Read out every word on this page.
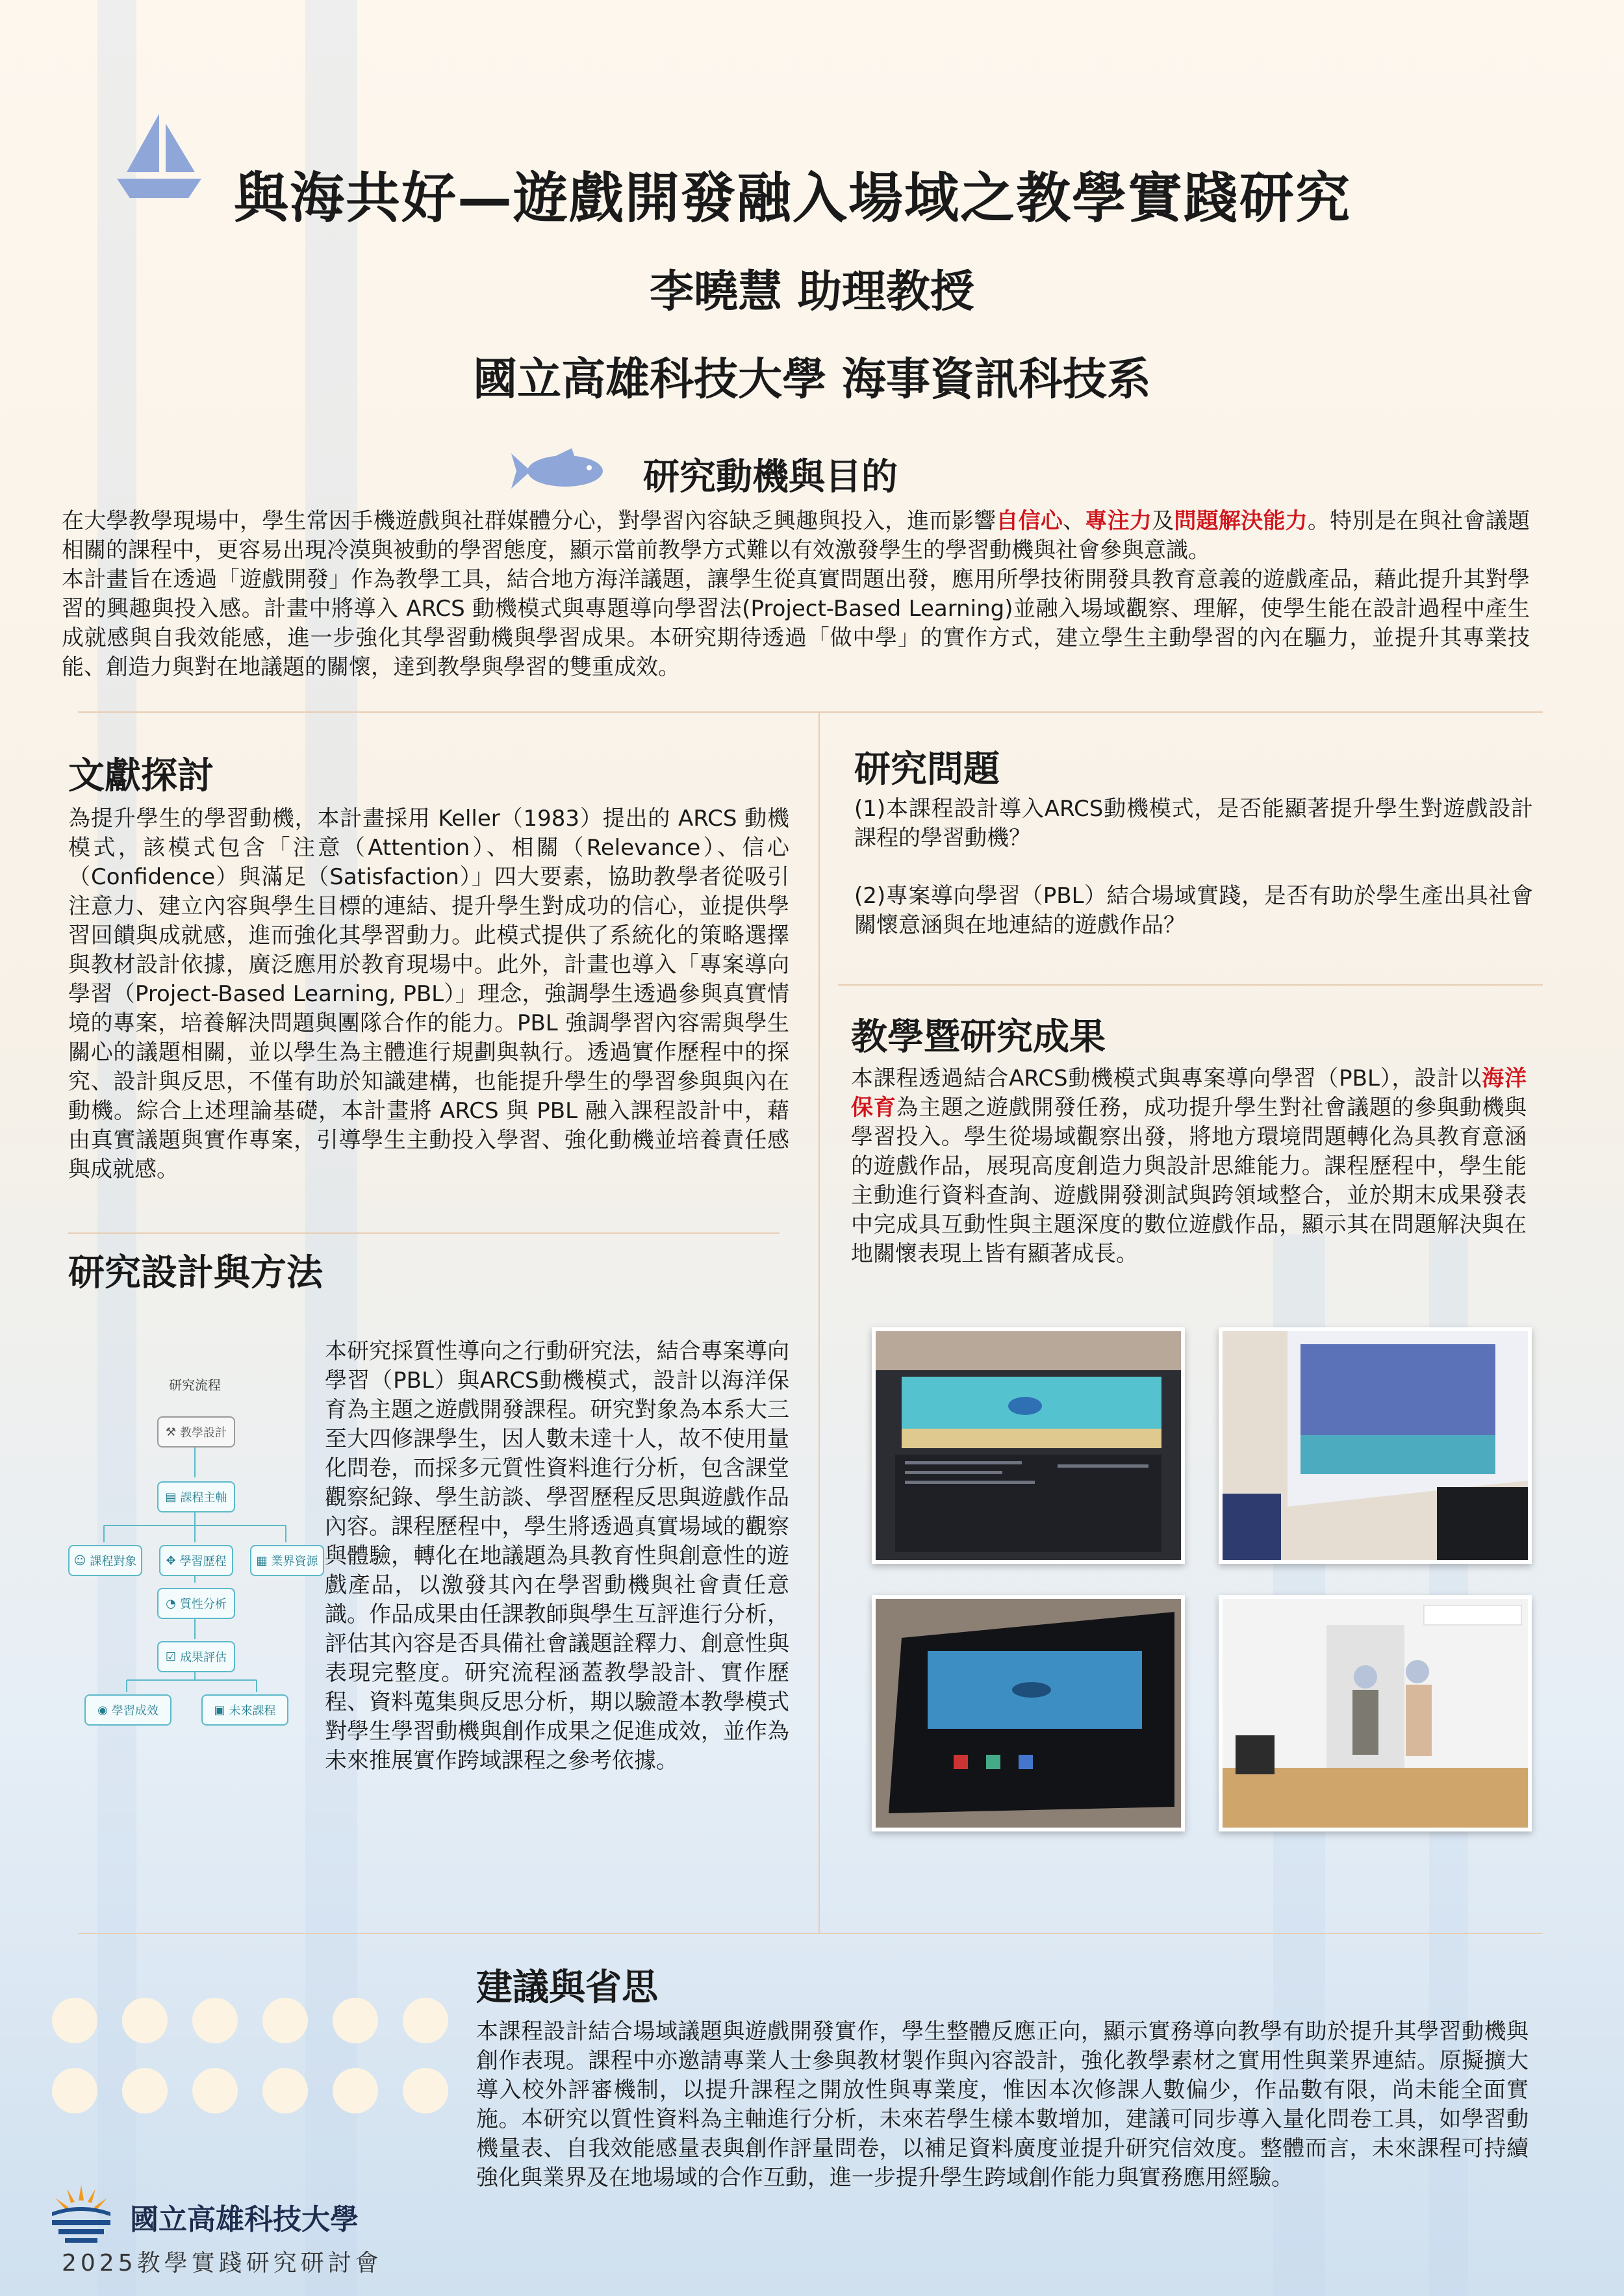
與海共好—遊戲開發融入場域之教學實踐研究
李曉慧 助理教授
國立高雄科技大學 海事資訊科技系
研究動機與目的
在大學教學現場中，學生常因手機遊戲與社群媒體分心，對學習內容缺乏興趣與投入，進而影響自信心、專注力及問題解決能力。特別是在與社會議題相關的課程中，更容易出現冷漠與被動的學習態度，顯示當前教學方式難以有效激發學生的學習動機與社會參與意識。
本計畫旨在透過「遊戲開發」作為教學工具，結合地方海洋議題，讓學生從真實問題出發，應用所學技術開發具教育意義的遊戲產品，藉此提升其對學習的興趣與投入感。計畫中將導入 ARCS 動機模式與專題導向學習法(Project-Based Learning)並融入場域觀察、理解，使學生能在設計過程中產生成就感與自我效能感，進一步強化其學習動機與學習成果。本研究期待透過「做中學」的實作方式，建立學生主動學習的內在驅力，並提升其專業技能、創造力與對在地議題的關懷，達到教學與學習的雙重成效。
文獻探討
為提升學生的學習動機，本計畫採用 Keller（1983）提出的 ARCS 動機模式，該模式包含「注意（Attention）、相關（Relevance）、信心（Confidence）與滿足（Satisfaction）」四大要素，協助教學者從吸引注意力、建立內容與學生目標的連結、提升學生對成功的信心，並提供學習回饋與成就感，進而強化其學習動力。此模式提供了系統化的策略選擇與教材設計依據，廣泛應用於教育現場中。此外，計畫也導入「專案導向學習（Project-Based Learning, PBL）」理念，強調學生透過參與真實情境的專案，培養解決問題與團隊合作的能力。PBL 強調學習內容需與學生關心的議題相關，並以學生為主體進行規劃與執行。透過實作歷程中的探究、設計與反思，不僅有助於知識建構，也能提升學生的學習參與與內在動機。綜合上述理論基礎，本計畫將 ARCS 與 PBL 融入課程設計中，藉由真實議題與實作專案，引導學生主動投入學習、強化動機並培養責任感與成就感。
研究設計與方法
研究流程
⚒ 教學設計
▤ 課程主軸
☺ 課程對象	✥ 學習歷程	▦ 業界資源
◔ 質性分析
☑ 成果評估
◉ 學習成效	▣ 未來課程
本研究採質性導向之行動研究法，結合專案導向學習（PBL）與ARCS動機模式，設計以海洋保育為主題之遊戲開發課程。研究對象為本系大三至大四修課學生，因人數未達十人，故不使用量化問卷，而採多元質性資料進行分析，包含課堂觀察紀錄、學生訪談、學習歷程反思與遊戲作品內容。課程歷程中，學生將透過真實場域的觀察與體驗，轉化在地議題為具教育性與創意性的遊戲產品，以激發其內在學習動機與社會責任意識。作品成果由任課教師與學生互評進行分析，評估其內容是否具備社會議題詮釋力、創意性與表現完整度。研究流程涵蓋教學設計、實作歷程、資料蒐集與反思分析，期以驗證本教學模式對學生學習動機與創作成果之促進成效，並作為未來推展實作跨域課程之參考依據。
研究問題
(1)本課程設計導入ARCS動機模式，是否能顯著提升學生對遊戲設計課程的學習動機？
(2)專案導向學習（PBL）結合場域實踐，是否有助於學生產出具社會關懷意涵與在地連結的遊戲作品？
教學暨研究成果
本課程透過結合ARCS動機模式與專案導向學習（PBL），設計以海洋保育為主題之遊戲開發任務，成功提升學生對社會議題的參與動機與學習投入。學生從場域觀察出發，將地方環境問題轉化為具教育意涵的遊戲作品，展現高度創造力與設計思維能力。課程歷程中，學生能主動進行資料查詢、遊戲開發測試與跨領域整合，並於期末成果發表中完成具互動性與主題深度的數位遊戲作品，顯示其在問題解決與在地關懷表現上皆有顯著成長。
建議與省思
本課程設計結合場域議題與遊戲開發實作，學生整體反應正向，顯示實務導向教學有助於提升其學習動機與創作表現。課程中亦邀請專業人士參與教材製作與內容設計，強化教學素材之實用性與業界連結。原擬擴大導入校外評審機制，以提升課程之開放性與專業度，惟因本次修課人數偏少，作品數有限，尚未能全面實施。本研究以質性資料為主軸進行分析，未來若學生樣本數增加，建議可同步導入量化問卷工具，如學習動機量表、自我效能感量表與創作評量問卷，以補足資料廣度並提升研究信效度。整體而言，未來課程可持續強化與業界及在地場域的合作互動，進一步提升學生跨域創作能力與實務應用經驗。
國立高雄科技大學
2025教學實踐研究研討會
